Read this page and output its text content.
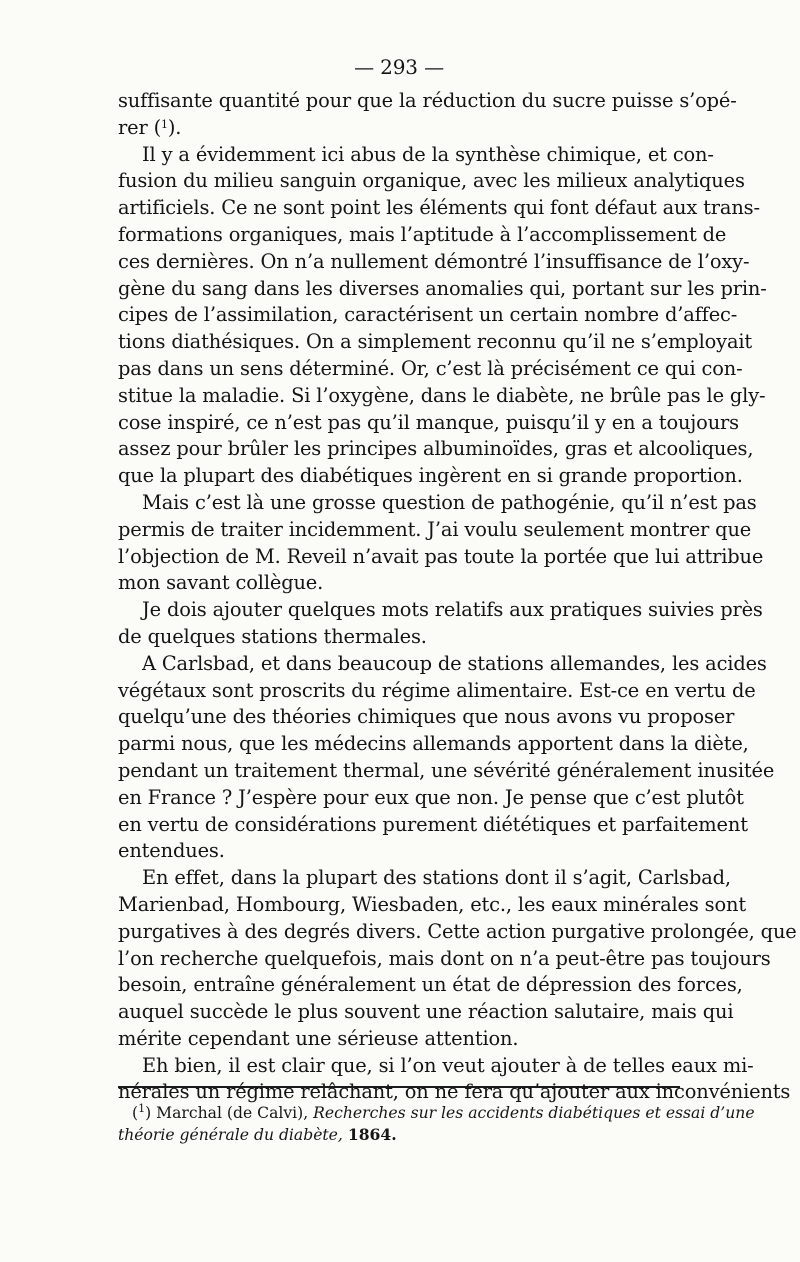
— 293 —
suffisante quantité pour que la réduction du sucre puisse s’opé-
rer ($^1$).
Il y a évidemment ici abus de la synthèse chimique, et con-
fusion du milieu sanguin organique, avec les milieux analytiques
artificiels. Ce ne sont point les éléments qui font défaut aux trans-
formations organiques, mais l’aptitude à l’accomplissement de
ces dernières. On n’a nullement démontré l’insuffisance de l’oxy-
gène du sang dans les diverses anomalies qui, portant sur les prin-
cipes de l’assimilation, caractérisent un certain nombre d’affec-
tions diathésiques. On a simplement reconnu qu’il ne s’employait
pas dans un sens déterminé. Or, c’est là précisément ce qui con-
stitue la maladie. Si l’oxygène, dans le diabète, ne brûle pas le gly-
cose inspiré, ce n’est pas qu’il manque, puisqu’il y en a toujours
assez pour brûler les principes albuminoïdes, gras et alcooliques,
que la plupart des diabétiques ingèrent en si grande proportion.
Mais c’est là une grosse question de pathogénie, qu’il n’est pas
permis de traiter incidemment. J’ai voulu seulement montrer que
l’objection de M. Reveil n’avait pas toute la portée que lui attribue
mon savant collègue.
Je dois ajouter quelques mots relatifs aux pratiques suivies près
de quelques stations thermales.
A Carlsbad, et dans beaucoup de stations allemandes, les acides
végétaux sont proscrits du régime alimentaire. Est-ce en vertu de
quelqu’une des théories chimiques que nous avons vu proposer
parmi nous, que les médecins allemands apportent dans la diète,
pendant un traitement thermal, une sévérité généralement inusitée
en France ? J’espère pour eux que non. Je pense que c’est plutôt
en vertu de considérations purement diététiques et parfaitement
entendues.
En effet, dans la plupart des stations dont il s’agit, Carlsbad,
Marienbad, Hombourg, Wiesbaden, etc., les eaux minérales sont
purgatives à des degrés divers. Cette action purgative prolongée, que
l’on recherche quelquefois, mais dont on n’a peut-être pas toujours
besoin, entraîne généralement un état de dépression des forces,
auquel succède le plus souvent une réaction salutaire, mais qui
mérite cependant une sérieuse attention.
Eh bien, il est clair que, si l’on veut ajouter à de telles eaux mi-
nérales un régime relâchant, on ne fera qu’ajouter aux inconvénients
($^1$) Marchal (de Calvi), Recherches sur les accidents diabétiques et essai d’une
théorie générale du diabète, 1864.
